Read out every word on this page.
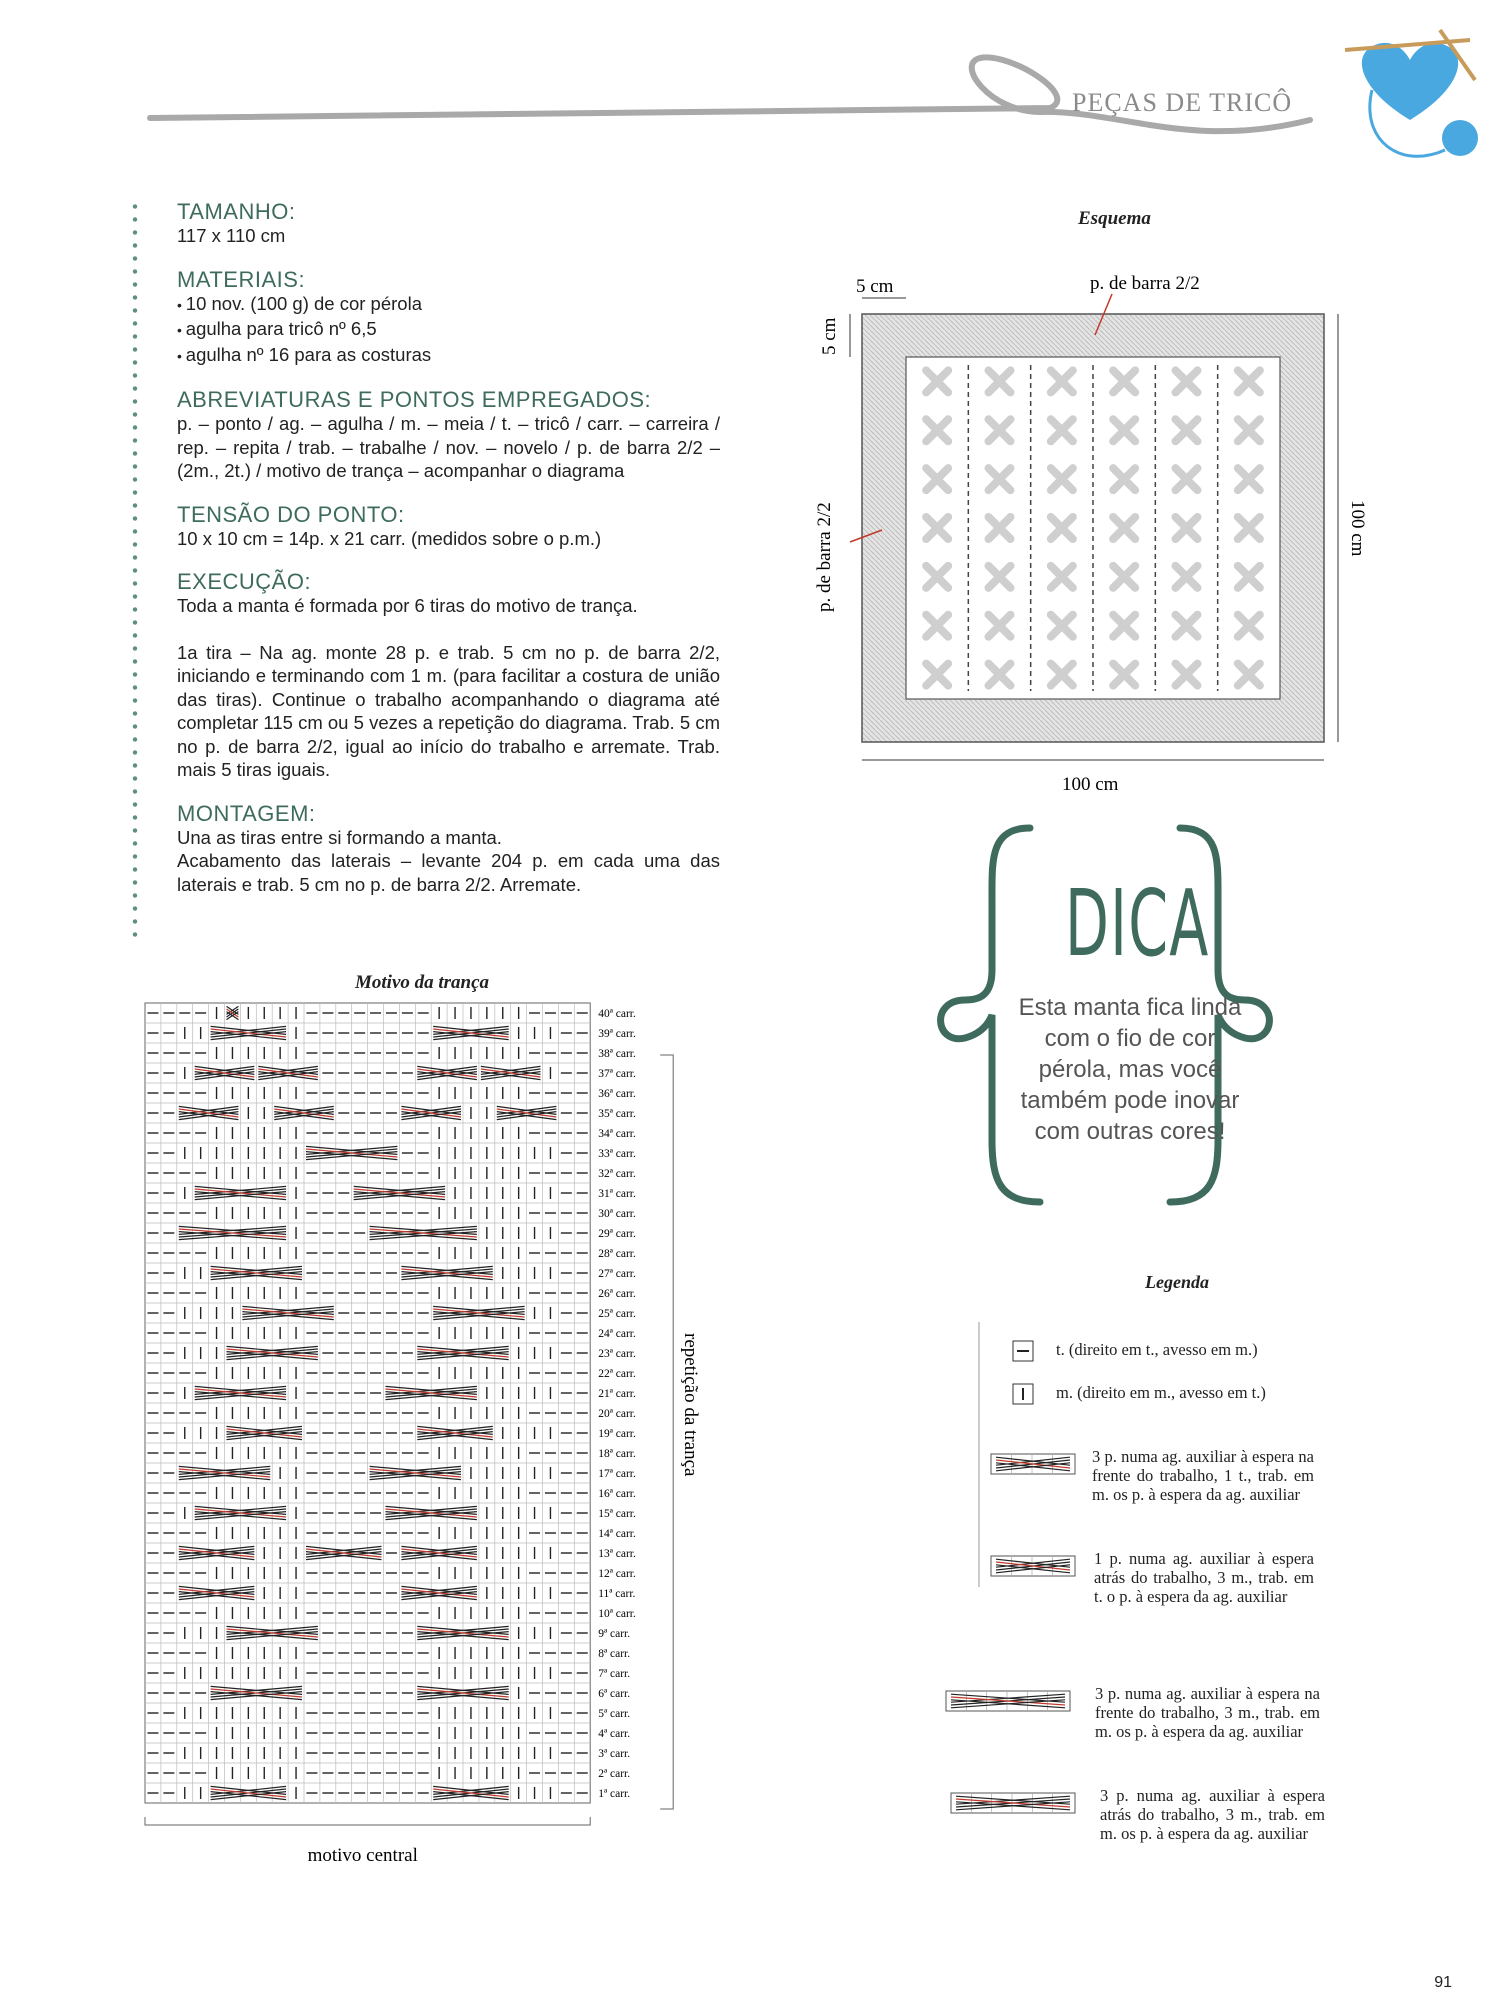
PEÇAS DE TRICÔ
TAMANHO:

117 x 110 cm

MATERIAIS:
• 10 nov. (100 g) de cor pérola
• agulha para tricô nº 6,5
• agulha nº 16 para as costuras
ABREVIATURAS E PONTOS EMPREGADOS:

p. – ponto / ag. – agulha / m. – meia / t. – tricô / carr. – carreira / rep. – repita / trab. – trabalhe / nov. – novelo / p. de barra 2/2 – (2m., 2t.) / motivo de trança – acompanhar o diagrama

TENSÃO DO PONTO:

10 x 10 cm = 14p. x 21 carr. (medidos sobre o p.m.)

EXECUÇÃO:

Toda a manta é formada por 6 tiras do motivo de trança.

1a tira – Na ag. monte 28 p. e trab. 5 cm no p. de barra 2/2, iniciando e terminando com 1 m. (para facilitar a costura de união das tiras). Continue o trabalho acompanhando o diagrama até completar 115 cm ou 5 vezes a repetição do diagrama. Trab. 5 cm no p. de barra 2/2, igual ao início do trabalho e arremate. Trab. mais 5 tiras iguais.

MONTAGEM:

Una as tiras entre si formando a manta.

Acabamento das laterais – levante 204 p. em cada uma das laterais e trab. 5 cm no p. de barra 2/2. Arremate.

Esquema
5 cm	p. de barra 2/2
100 cm
5 cm
p. de barra 2/2	100 cm
DICA
Esta manta fica linda com o fio de cor pérola, mas você também pode inovar com outras cores!
Motivo da trança
40ª carr.
39ª carr.
38ª carr.
37ª carr.
36ª carr.
35ª carr.
34ª carr.
33ª carr.
32ª carr.
31ª carr.
30ª carr.
29ª carr.
28ª carr.
27ª carr.
26ª carr.
25ª carr.
24ª carr.
23ª carr.
22ª carr.
21ª carr.
20ª carr.
19ª carr.
18ª carr.
17ª carr.
16ª carr.
15ª carr.
14ª carr.
13ª carr.
12ª carr.
11ª carr.
10ª carr.
9ª carr.
8ª carr.
7ª carr.
6ª carr.
5ª carr.
4ª carr.
3ª carr.
2ª carr.
1ª carr.
repetição da trança
motivo central
Legenda
t. (direito em t., avesso em m.)
m. (direito em m., avesso em t.)
3 p. numa ag. auxiliar à espera na frente do trabalho, 1 t., trab. em m. os p. à espera da ag. auxiliar
1 p. numa ag. auxiliar à espera atrás do trabalho, 3 m., trab. em t. o p. à espera da ag. auxiliar
3 p. numa ag. auxiliar à espera na frente do trabalho, 3 m., trab. em m. os p. à espera da ag. auxiliar
3 p. numa ag. auxiliar à espera atrás do trabalho, 3 m., trab. em m. os p. à espera da ag. auxiliar
91
